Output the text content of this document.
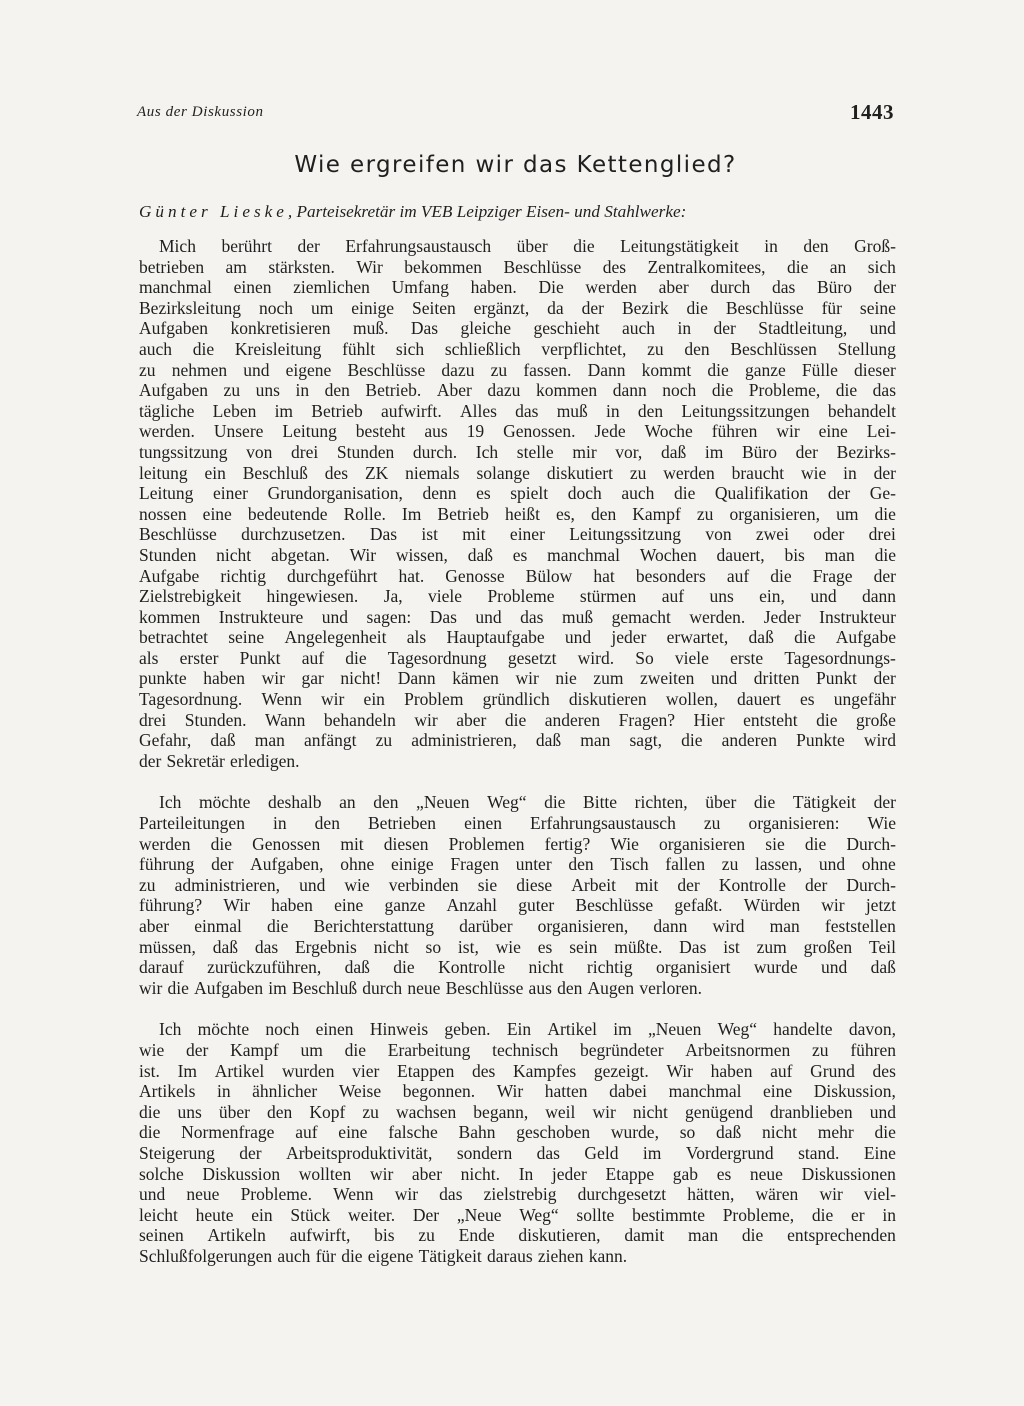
Aus der Diskussion	1443
Wie ergreifen wir das Kettenglied?
Günter Lieske, Parteisekretär im VEB Leipziger Eisen- und Stahlwerke:
Mich berührt der Erfahrungsaustausch über die Leitungstätigkeit in den Groß-
betrieben am stärksten. Wir bekommen Beschlüsse des Zentralkomitees, die an sich
manchmal einen ziemlichen Umfang haben. Die werden aber durch das Büro der
Bezirksleitung noch um einige Seiten ergänzt, da der Bezirk die Beschlüsse für seine
Aufgaben konkretisieren muß. Das gleiche geschieht auch in der Stadtleitung, und
auch die Kreisleitung fühlt sich schließlich verpflichtet, zu den Beschlüssen Stellung
zu nehmen und eigene Beschlüsse dazu zu fassen. Dann kommt die ganze Fülle dieser
Aufgaben zu uns in den Betrieb. Aber dazu kommen dann noch die Probleme, die das
tägliche Leben im Betrieb aufwirft. Alles das muß in den Leitungssitzungen behandelt
werden. Unsere Leitung besteht aus 19 Genossen. Jede Woche führen wir eine Lei-
tungssitzung von drei Stunden durch. Ich stelle mir vor, daß im Büro der Bezirks-
leitung ein Beschluß des ZK niemals solange diskutiert zu werden braucht wie in der
Leitung einer Grundorganisation, denn es spielt doch auch die Qualifikation der Ge-
nossen eine bedeutende Rolle. Im Betrieb heißt es, den Kampf zu organisieren, um die
Beschlüsse durchzusetzen. Das ist mit einer Leitungssitzung von zwei oder drei
Stunden nicht abgetan. Wir wissen, daß es manchmal Wochen dauert, bis man die
Aufgabe richtig durchgeführt hat. Genosse Bülow hat besonders auf die Frage der
Zielstrebigkeit hingewiesen. Ja, viele Probleme stürmen auf uns ein, und dann
kommen Instrukteure und sagen: Das und das muß gemacht werden. Jeder Instrukteur
betrachtet seine Angelegenheit als Hauptaufgabe und jeder erwartet, daß die Aufgabe
als erster Punkt auf die Tagesordnung gesetzt wird. So viele erste Tagesordnungs-
punkte haben wir gar nicht! Dann kämen wir nie zum zweiten und dritten Punkt der
Tagesordnung. Wenn wir ein Problem gründlich diskutieren wollen, dauert es ungefähr
drei Stunden. Wann behandeln wir aber die anderen Fragen? Hier entsteht die große
Gefahr, daß man anfängt zu administrieren, daß man sagt, die anderen Punkte wird
der Sekretär erledigen.
Ich möchte deshalb an den „Neuen Weg“ die Bitte richten, über die Tätigkeit der
Parteileitungen in den Betrieben einen Erfahrungsaustausch zu organisieren: Wie
werden die Genossen mit diesen Problemen fertig? Wie organisieren sie die Durch-
führung der Aufgaben, ohne einige Fragen unter den Tisch fallen zu lassen, und ohne
zu administrieren, und wie verbinden sie diese Arbeit mit der Kontrolle der Durch-
führung? Wir haben eine ganze Anzahl guter Beschlüsse gefaßt. Würden wir jetzt
aber einmal die Berichterstattung darüber organisieren, dann wird man feststellen
müssen, daß das Ergebnis nicht so ist, wie es sein müßte. Das ist zum großen Teil
darauf zurückzuführen, daß die Kontrolle nicht richtig organisiert wurde und daß
wir die Aufgaben im Beschluß durch neue Beschlüsse aus den Augen verloren.
Ich möchte noch einen Hinweis geben. Ein Artikel im „Neuen Weg“ handelte davon,
wie der Kampf um die Erarbeitung technisch begründeter Arbeitsnormen zu führen
ist. Im Artikel wurden vier Etappen des Kampfes gezeigt. Wir haben auf Grund des
Artikels in ähnlicher Weise begonnen. Wir hatten dabei manchmal eine Diskussion,
die uns über den Kopf zu wachsen begann, weil wir nicht genügend dranblieben und
die Normenfrage auf eine falsche Bahn geschoben wurde, so daß nicht mehr die
Steigerung der Arbeitsproduktivität, sondern das Geld im Vordergrund stand. Eine
solche Diskussion wollten wir aber nicht. In jeder Etappe gab es neue Diskussionen
und neue Probleme. Wenn wir das zielstrebig durchgesetzt hätten, wären wir viel-
leicht heute ein Stück weiter. Der „Neue Weg“ sollte bestimmte Probleme, die er in
seinen Artikeln aufwirft, bis zu Ende diskutieren, damit man die entsprechenden
Schlußfolgerungen auch für die eigene Tätigkeit daraus ziehen kann.
